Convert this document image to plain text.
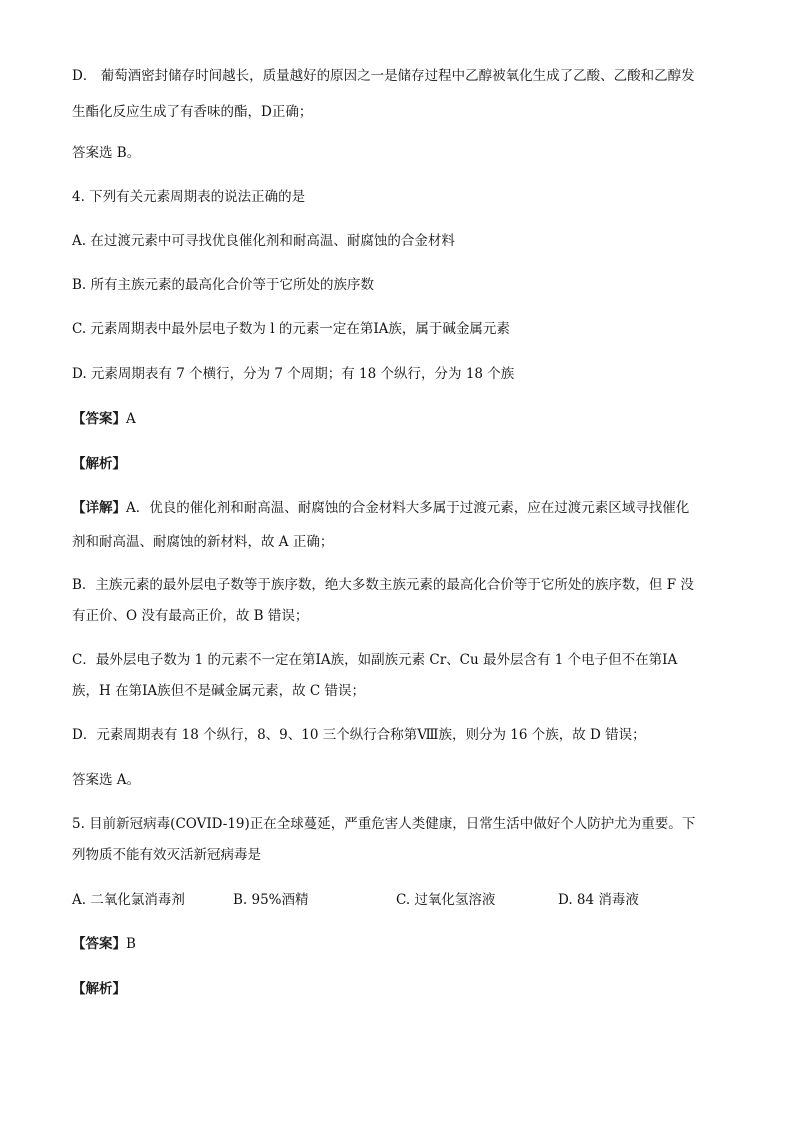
D． 葡萄酒密封储存时间越长，质量越好的原因之一是储存过程中乙醇被氧化生成了乙酸、乙酸和乙醇发
生酯化反应生成了有香味的酯，D正确；
答案选 B。
4. 下列有关元素周期表的说法正确的是
A. 在过渡元素中可寻找优良催化剂和耐高温、耐腐蚀的合金材料
B. 所有主族元素的最高化合价等于它所处的族序数
C. 元素周期表中最外层电子数为 l 的元素一定在第ⅠA族，属于碱金属元素
D. 元素周期表有 7 个横行，分为 7 个周期；有 18 个纵行，分为 18 个族
【答案】A
【解析】
【详解】A．优良的催化剂和耐高温、耐腐蚀的合金材料大多属于过渡元素，应在过渡元素区域寻找催化
剂和耐高温、耐腐蚀的新材料，故 A 正确；
B．主族元素的最外层电子数等于族序数，绝大多数主族元素的最高化合价等于它所处的族序数，但 F 没
有正价、O 没有最高正价，故 B 错误；
C．最外层电子数为 1 的元素不一定在第ⅠA族，如副族元素 Cr、Cu 最外层含有 1 个电子但不在第ⅠA
族，H 在第ⅠA族但不是碱金属元素，故 C 错误；
D．元素周期表有 18 个纵行，8、9、10 三个纵行合称第Ⅷ族，则分为 16 个族，故 D 错误；
答案选 A。
5. 目前新冠病毒(COVID-19)正在全球蔓延，严重危害人类健康，日常生活中做好个人防护尤为重要。下
列物质不能有效灭活新冠病毒是
A. 二氧化氯消毒剂	B. 95%酒精	C. 过氧化氢溶液	D. 84 消毒液
【答案】B
【解析】
